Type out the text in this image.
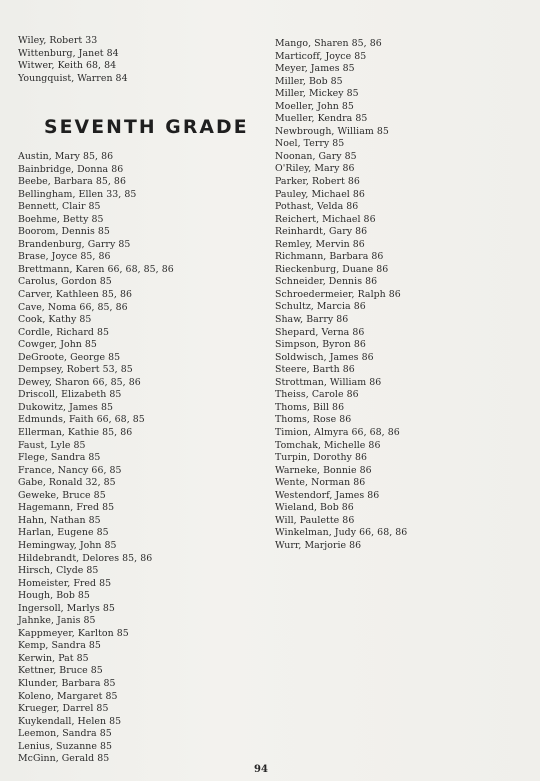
Wiley, Robert 33
Wittenburg, Janet 84
Witwer, Keith 68, 84
Youngquist, Warren 84
SEVENTH GRADE
Austin, Mary 85, 86
Bainbridge, Donna 86
Beebe, Barbara 85, 86
Bellingham, Ellen 33, 85
Bennett, Clair 85
Boehme, Betty 85
Boorom, Dennis 85
Brandenburg, Garry 85
Brase, Joyce 85, 86
Brettmann, Karen 66, 68, 85, 86
Carolus, Gordon 85
Carver, Kathleen 85, 86
Cave, Noma 66, 85, 86
Cook, Kathy 85
Cordle, Richard 85
Cowger, John 85
DeGroote, George 85
Dempsey, Robert 53, 85
Dewey, Sharon 66, 85, 86
Driscoll, Elizabeth 85
Dukowitz, James 85
Edmunds, Faith 66, 68, 85
Ellerman, Kathie 85, 86
Faust, Lyle 85
Flege, Sandra 85
France, Nancy 66, 85
Gabe, Ronald 32, 85
Geweke, Bruce 85
Hagemann, Fred 85
Hahn, Nathan 85
Harlan, Eugene 85
Hemingway, John 85
Hildebrandt, Delores 85, 86
Hirsch, Clyde 85
Homeister, Fred 85
Hough, Bob 85
Ingersoll, Marlys 85
Jahnke, Janis 85
Kappmeyer, Karlton 85
Kemp, Sandra 85
Kerwin, Pat 85
Kettner, Bruce 85
Klunder, Barbara 85
Koleno, Margaret 85
Krueger, Darrel 85
Kuykendall, Helen 85
Leemon, Sandra 85
Lenius, Suzanne 85
McGinn, Gerald 85
Mango, Sharen 85, 86
Marticoff, Joyce 85
Meyer, James 85
Miller, Bob 85
Miller, Mickey 85
Moeller, John 85
Mueller, Kendra 85
Newbrough, William 85
Noel, Terry 85
Noonan, Gary 85
O'Riley, Mary 86
Parker, Robert 86
Pauley, Michael 86
Pothast, Velda 86
Reichert, Michael 86
Reinhardt, Gary 86
Remley, Mervin 86
Richmann, Barbara 86
Rieckenburg, Duane 86
Schneider, Dennis 86
Schroedermeier, Ralph 86
Schultz, Marcia 86
Shaw, Barry 86
Shepard, Verna 86
Simpson, Byron 86
Soldwisch, James 86
Steere, Barth 86
Strottman, William 86
Theiss, Carole 86
Thoms, Bill 86
Thoms, Rose 86
Timion, Almyra 66, 68, 86
Tomchak, Michelle 86
Turpin, Dorothy 86
Warneke, Bonnie 86
Wente, Norman 86
Westendorf, James 86
Wieland, Bob 86
Will, Paulette 86
Winkelman, Judy 66, 68, 86
Wurr, Marjorie 86
94
